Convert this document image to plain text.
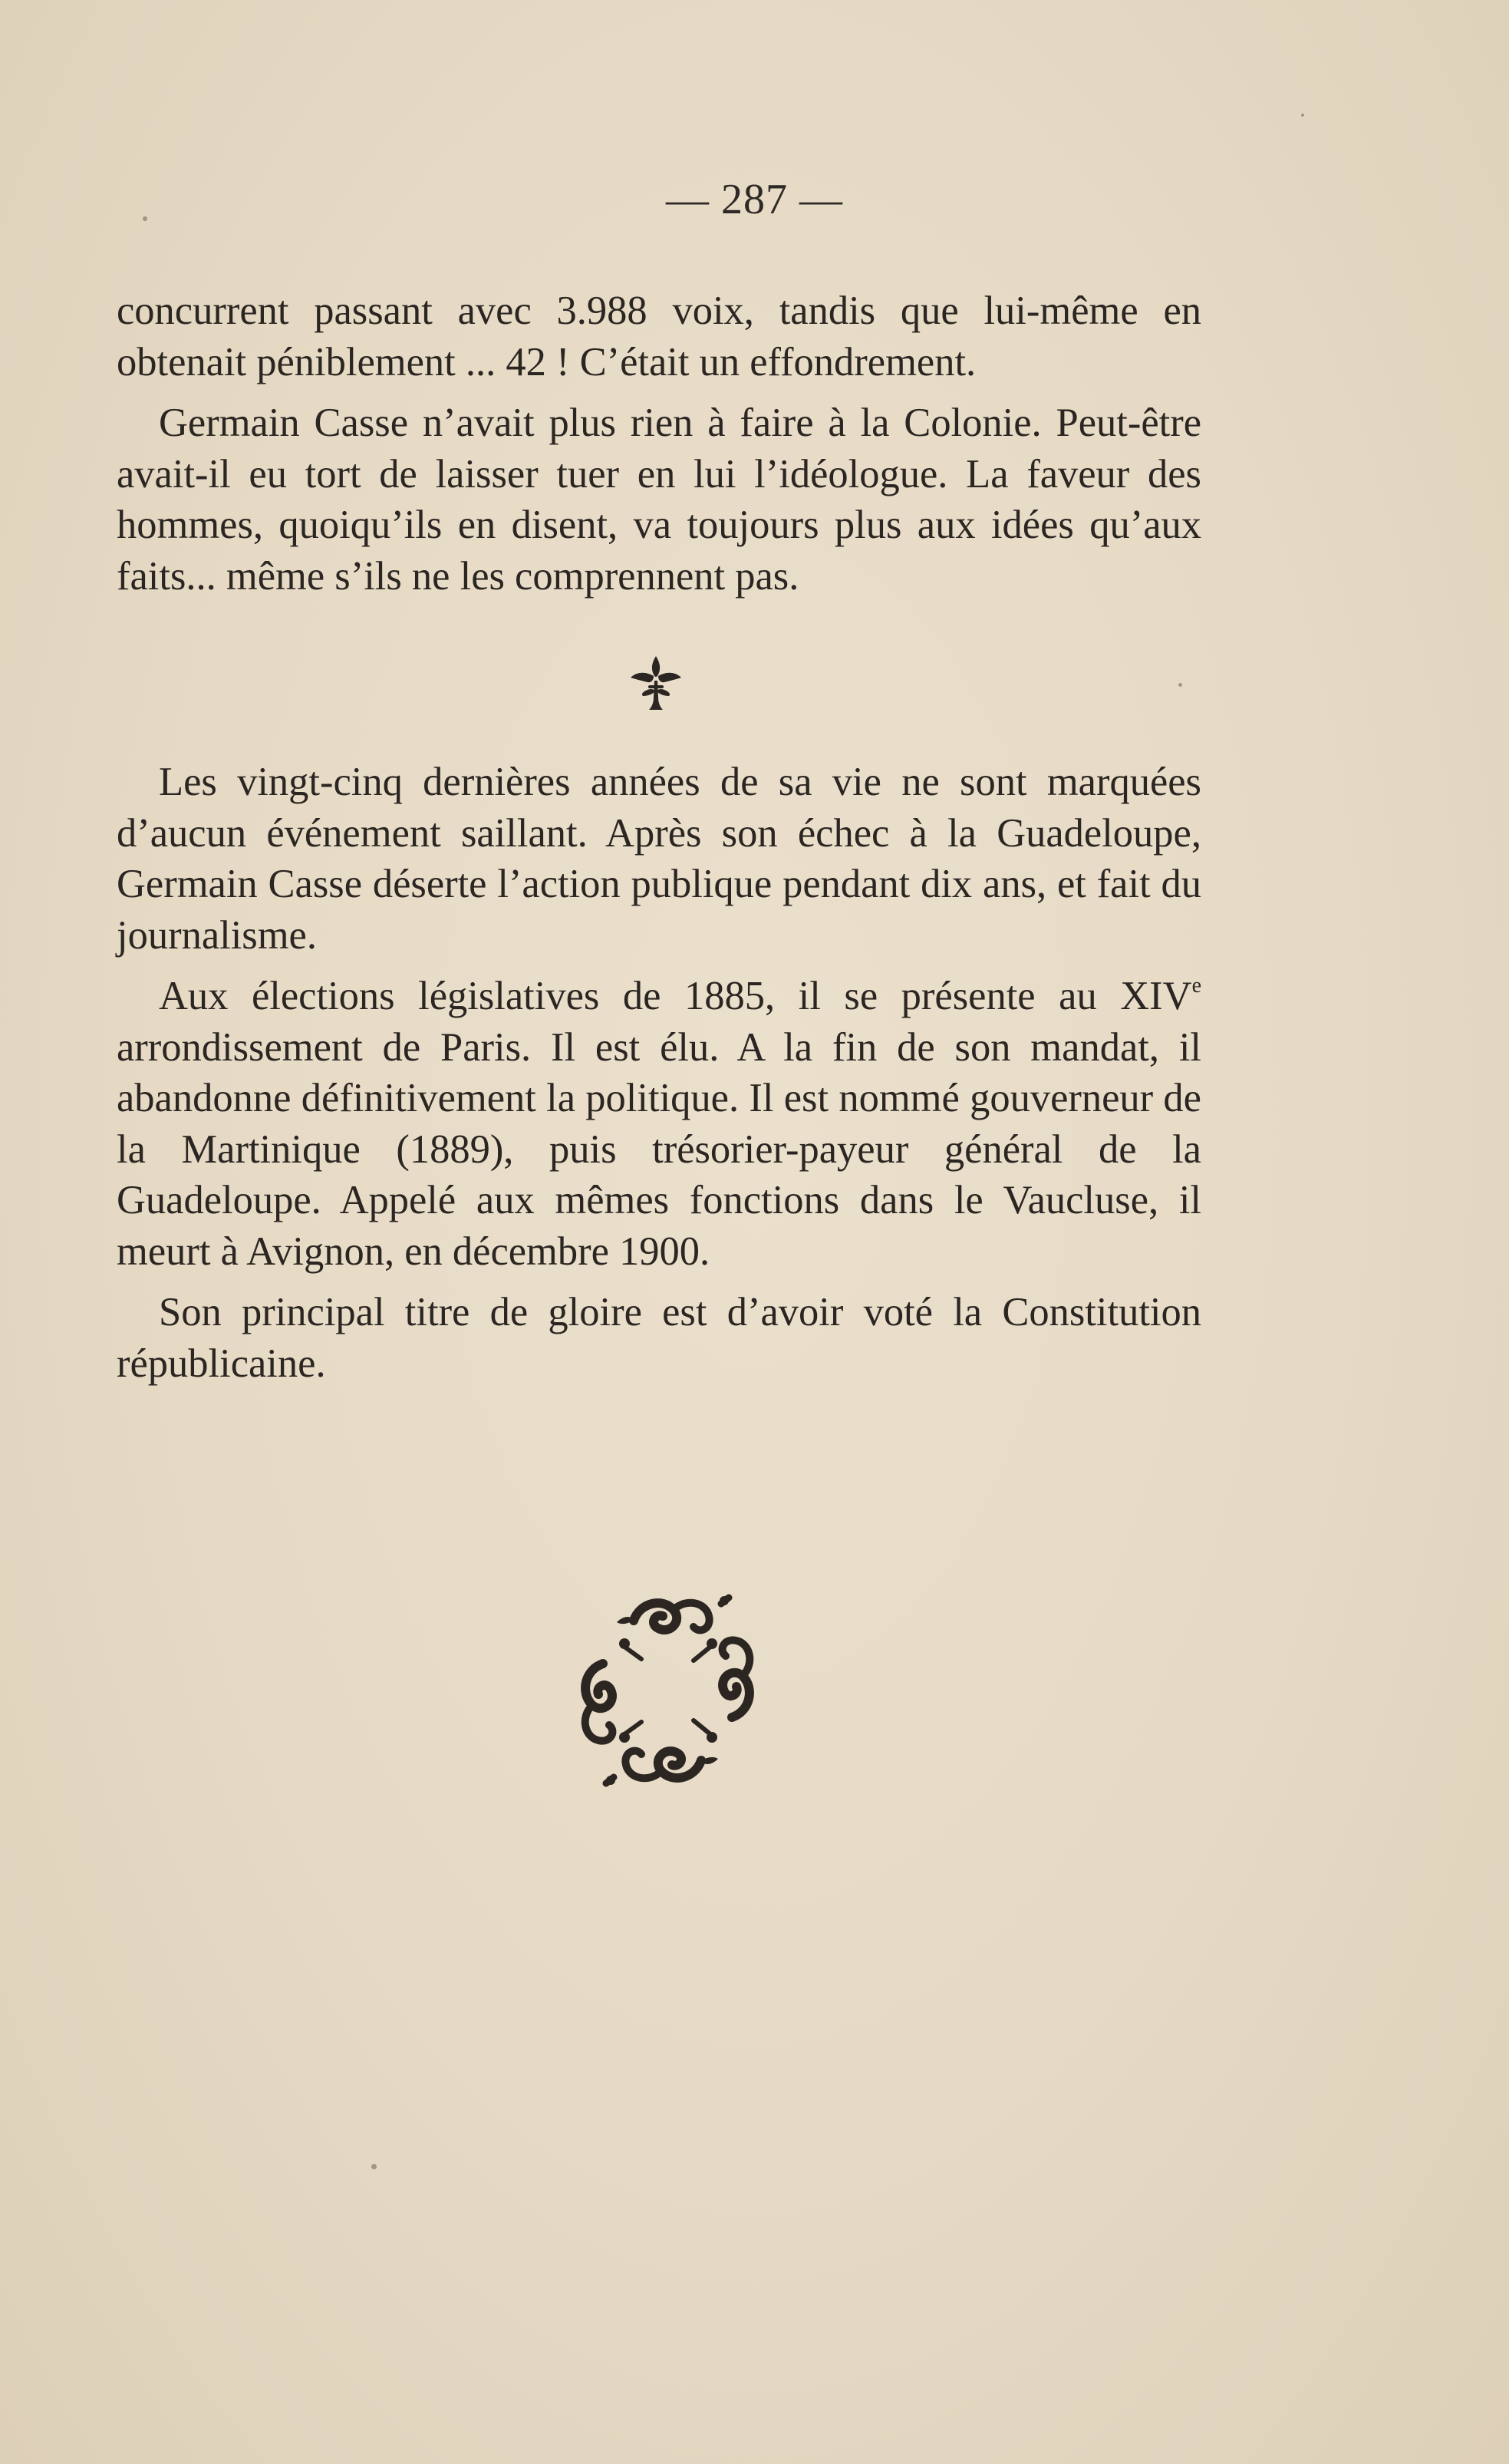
— 287 —

concurrent passant avec 3.988 voix, tandis que lui-même en obtenait péniblement ... 42 ! C’était un effondrement.

Germain Casse n’avait plus rien à faire à la Colonie. Peut-être avait-il eu tort de laisser tuer en lui l’idéologue. La faveur des hommes, quoiqu’ils en disent, va toujours plus aux idées qu’aux faits... même s’ils ne les comprennent pas.

Les vingt-cinq dernières années de sa vie ne sont marquées d’aucun événement saillant. Après son échec à la Guadeloupe, Germain Casse déserte l’action publique pendant dix ans, et fait du journalisme.

Aux élections législatives de 1885, il se présente au XIVe arrondissement de Paris. Il est élu. A la fin de son mandat, il abandonne définitivement la politique. Il est nommé gouverneur de la Martinique (1889), puis trésorier-payeur général de la Guadeloupe. Appelé aux mêmes fonctions dans le Vaucluse, il meurt à Avignon, en décembre 1900.

Son principal titre de gloire est d’avoir voté la Constitution républicaine.
